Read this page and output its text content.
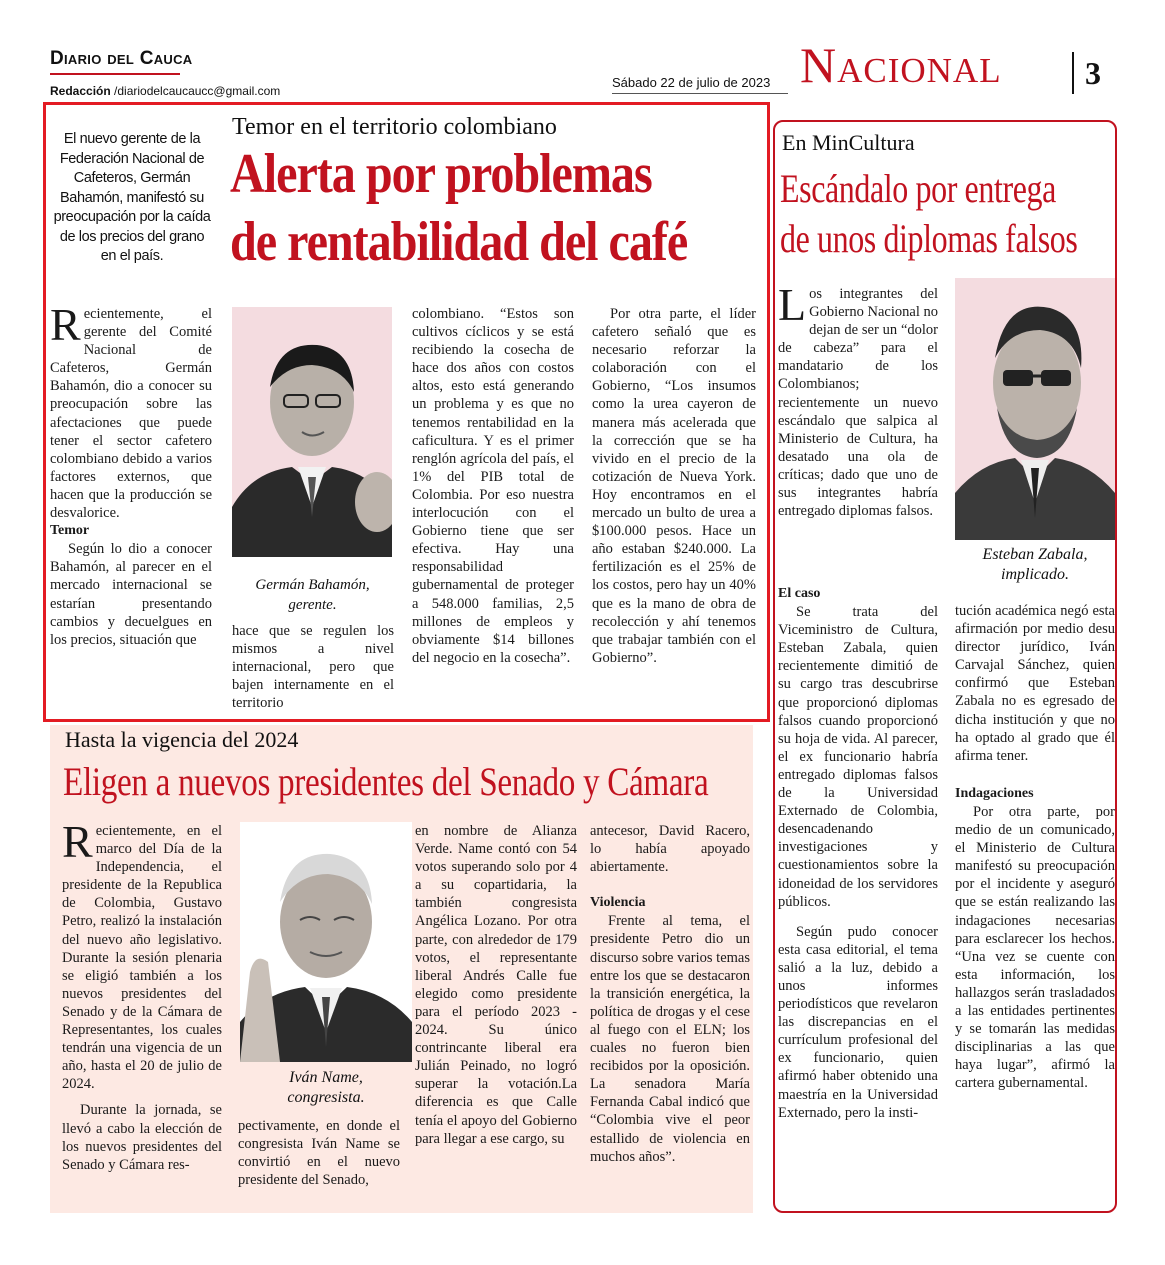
Diario del Cauca
Redacción /diariodelcaucaucc@gmail.com
Sábado 22 de julio de 2023 Nacional	3
Temor en el territorio colombiano
Alerta por problemas
de rentabilidad del café
El nuevo gerente de la Federación Nacional de Cafeteros, Germán Bahamón, manifestó su preocupación por la caída de los precios del grano en el país.

Recientemente, el gerente del Comité Nacional de Cafeteros, Germán Bahamón, dio a conocer su preocupación sobre las afectaciones que puede tener el sector cafetero colombiano debido a varios factores externos, que hacen que la producción se desvalorice.

Temor

Según lo dio a conocer Bahamón, al parecer en el mercado internacional se estarían presentando cambios y decuelgues en los precios, situación que

Germán Bahamón,
gerente.

hace que se regulen los mismos a nivel internacional, pero que bajen internamente en el territorio

colombiano. “Estos son cultivos cíclicos y se está recibiendo la cosecha de hace dos años con costos altos, esto está generando un problema y es que no tenemos rentabilidad en la caficultura. Y es el primer renglón agrícola del país, el 1% del PIB total de Colombia. Por eso nuestra interlocución con el Gobierno tiene que ser efectiva. Hay una responsabilidad gubernamental de proteger a 548.000 familias, 2,5 millones de empleos y obviamente $14 billones del negocio en la cosecha”.

Por otra parte, el líder cafetero señaló que es necesario reforzar la colaboración con el Gobierno, “Los insumos como la urea cayeron de manera más acelerada que la corrección que se ha vivido en el precio de la cotización de Nueva York. Hoy encontramos en el mercado un bulto de urea a $100.000 pesos. Hace un año estaban $240.000. La fertilización es el 25% de los costos, pero hay un 40% que es la mano de obra de recolección y ahí tenemos que trabajar también con el Gobierno”.

En MinCultura
Escándalo por entrega
de unos diplomas falsos

Los integrantes del Gobierno Nacional no dejan de ser un “dolor de cabeza” para el mandatario de los Colombianos; recientemente un nuevo escándalo que salpica al Ministerio de Cultura, ha desatado una ola de críticas; dado que uno de sus integrantes habría entregado diplomas falsos.

Esteban Zabala,
implicado.

El caso

Se trata del Viceministro de Cultura, Esteban Zabala, quien recientemente dimitió de su cargo tras descubrirse que proporcionó diplomas falsos cuando proporcionó su hoja de vida. Al parecer, el ex funcionario habría entregado diplomas falsos de la Universidad Externado de Colombia, desencadenando investigaciones y cuestionamientos sobre la idoneidad de los servidores públicos.

Según pudo conocer esta casa editorial, el tema salió a la luz, debido a unos informes periodísticos que revelaron las discrepancias en el currículum profesional del ex funcionario, quien afirmó haber obtenido una maestría en la Universidad Externado, pero la insti-

tución académica negó esta afirmación por medio desu director jurídico, Iván Carvajal Sánchez, quien confirmó que Esteban Zabala no es egresado de dicha institución y que no ha optado al grado que él afirma tener.

Indagaciones

Por otra parte, por medio de un comunicado, el Ministerio de Cultura manifestó su preocupación por el incidente y aseguró que se están realizando las indagaciones necesarias para esclarecer los hechos. “Una vez se cuente con esta información, los hallazgos serán trasladados a las entidades pertinentes y se tomarán las medidas disciplinarias a las que haya lugar”, afirmó la cartera gubernamental.

Hasta la vigencia del 2024
Eligen a nuevos presidentes del Senado y Cámara

Recientemente, en el marco del Día de la Independencia, el presidente de la Republica de Colombia, Gustavo Petro, realizó la instalación del nuevo año legislativo. Durante la sesión plenaria se eligió también a los nuevos presidentes del Senado y de la Cámara de Representantes, los cuales tendrán una vigencia de un año, hasta el 20 de julio de 2024.

Durante la jornada, se llevó a cabo la elección de los nuevos presidentes del Senado y Cámara res-

Iván Name,
congresista.

pectivamente, en donde el congresista Iván Name se convirtió en el nuevo presidente del Senado,

en nombre de Alianza Verde. Name contó con 54 votos superando solo por 4 a su copartidaria, la también congresista Angélica Lozano. Por otra parte, con alrededor de 179 votos, el representante liberal Andrés Calle fue elegido como presidente para el período 2023 - 2024. Su único contrincante liberal era Julián Peinado, no logró superar la votación.La diferencia es que Calle tenía el apoyo del Gobierno para llegar a ese cargo, su

antecesor, David Racero, lo había apoyado abiertamente.

Violencia

Frente al tema, el presidente Petro dio un discurso sobre varios temas entre los que se destacaron la transición energética, la política de drogas y el cese al fuego con el ELN; los cuales no fueron bien recibidos por la oposición. La senadora María Fernanda Cabal indicó que “Colombia vive el peor estallido de violencia en muchos años”.
